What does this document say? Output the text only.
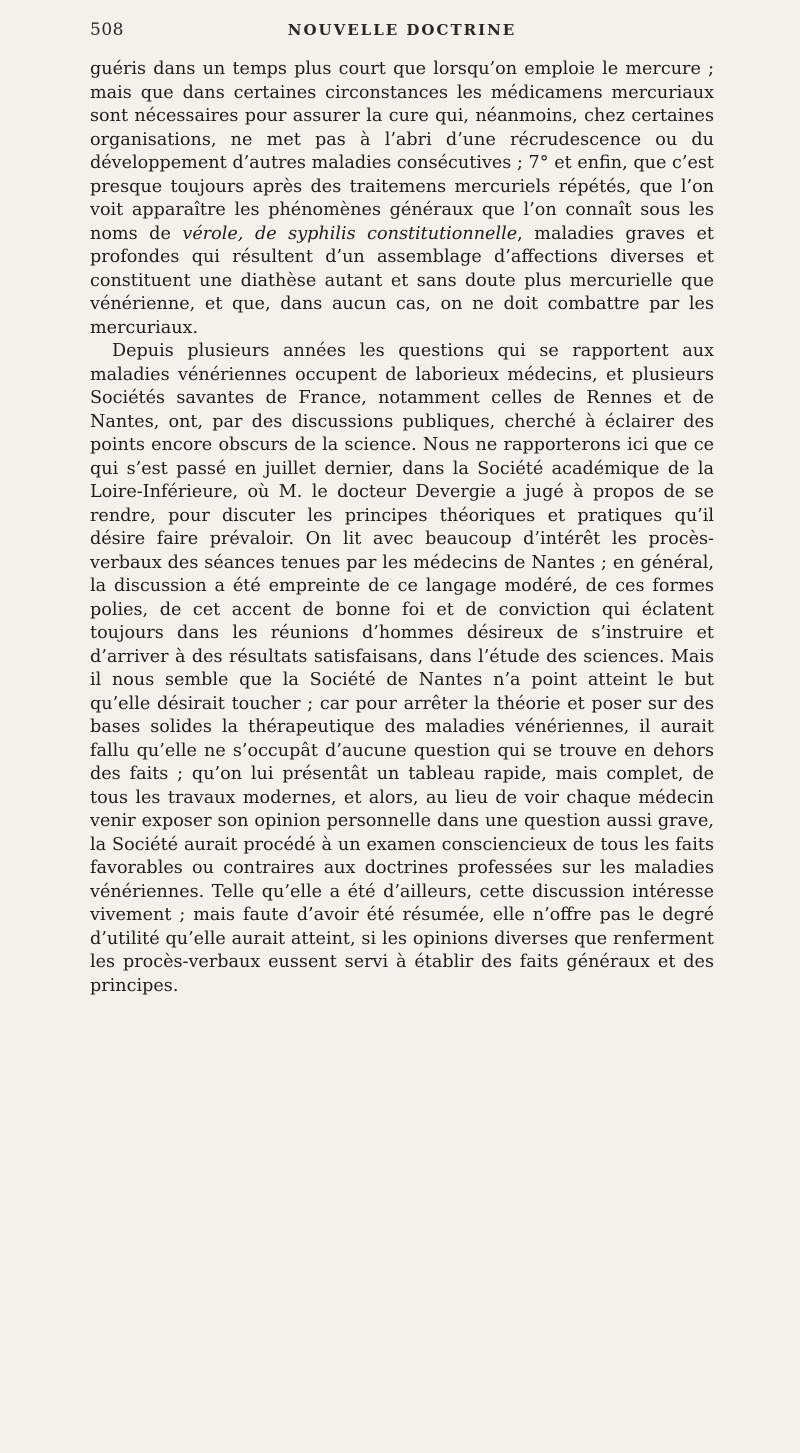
508	NOUVELLE DOCTRINE

guéris dans un temps plus court que lorsqu’on emploie le mercure ; mais que dans certaines circonstances les médicamens mercuriaux sont nécessaires pour assurer la cure qui, néanmoins, chez certaines organisations, ne met pas à l’abri d’une récrudescence ou du développement d’autres maladies consécutives ; 7° et enfin, que c’est presque toujours après des traitemens mercuriels répétés, que l’on voit apparaître les phénomènes généraux que l’on connaît sous les noms de vérole, de syphilis constitutionnelle, maladies graves et profondes qui résultent d’un assemblage d’affections diverses et constituent une diathèse autant et sans doute plus mercurielle que vénérienne, et que, dans aucun cas, on ne doit combattre par les mercuriaux.

Depuis plusieurs années les questions qui se rapportent aux maladies vénériennes occupent de laborieux médecins, et plusieurs Sociétés savantes de France, notamment celles de Rennes et de Nantes, ont, par des discussions publiques, cherché à éclairer des points encore obscurs de la science. Nous ne rapporterons ici que ce qui s’est passé en juillet dernier, dans la Société académique de la Loire-Inférieure, où M. le docteur Devergie a jugé à propos de se rendre, pour discuter les principes théoriques et pratiques qu’il désire faire prévaloir. On lit avec beaucoup d’intérêt les procès-verbaux des séances tenues par les médecins de Nantes ; en général, la discussion a été empreinte de ce langage modéré, de ces formes polies, de cet accent de bonne foi et de conviction qui éclatent toujours dans les réunions d’hommes désireux de s’instruire et d’arriver à des résultats satisfaisans, dans l’étude des sciences. Mais il nous semble que la Société de Nantes n’a point atteint le but qu’elle désirait toucher ; car pour arrêter la théorie et poser sur des bases solides la thérapeutique des maladies vénériennes, il aurait fallu qu’elle ne s’occupât d’aucune question qui se trouve en dehors des faits ; qu’on lui présentât un tableau rapide, mais complet, de tous les travaux modernes, et alors, au lieu de voir chaque médecin venir exposer son opinion personnelle dans une question aussi grave, la Société aurait procédé à un examen consciencieux de tous les faits favorables ou contraires aux doctrines professées sur les maladies vénériennes. Telle qu’elle a été d’ailleurs, cette discussion intéresse vivement ; mais faute d’avoir été résumée, elle n’offre pas le degré d’utilité qu’elle aurait atteint, si les opinions diverses que renferment les procès-verbaux eussent servi à établir des faits généraux et des principes.
